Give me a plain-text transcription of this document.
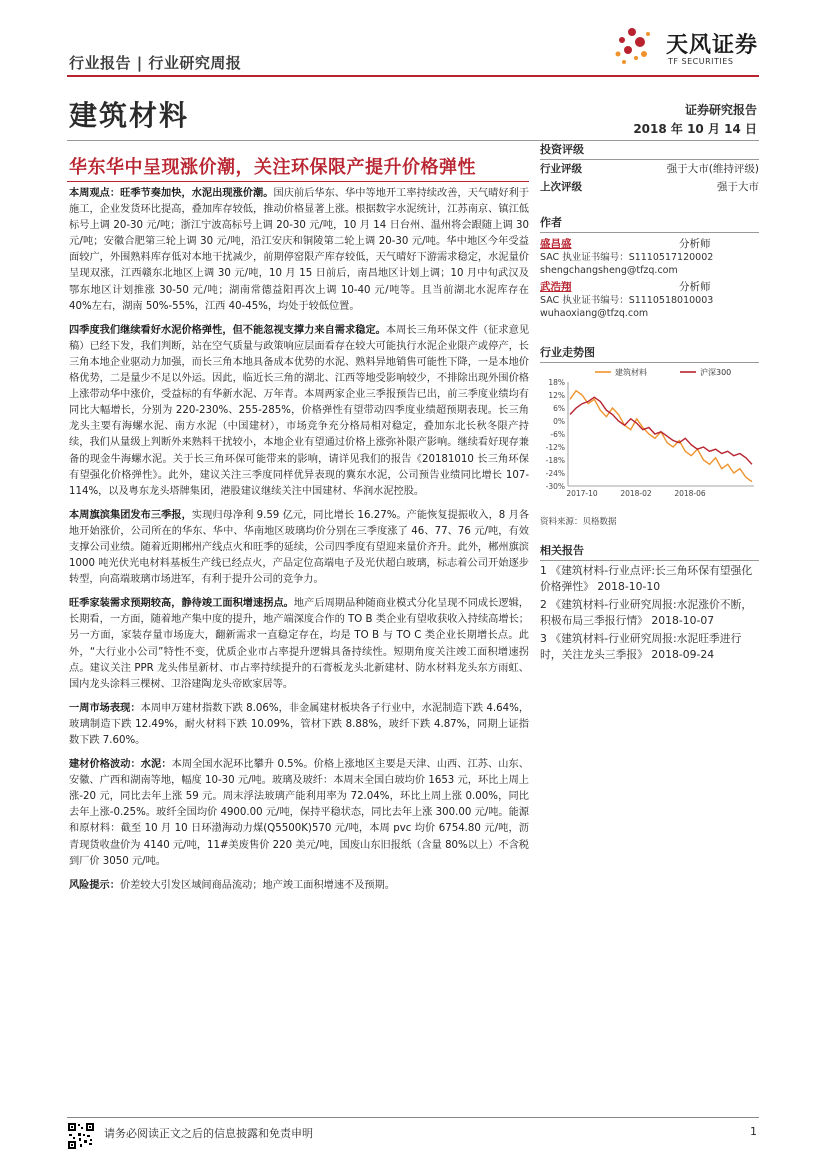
行业报告 | 行业研究周报
天风证券
TF SECURITIES
建筑材料	证券研究报告
2018 年 10 月 14 日
华东华中呈现涨价潮，关注环保限产提升价格弹性

本周观点：旺季节奏加快，水泥出现涨价潮。国庆前后华东、华中等地开工率持续改善，天气晴好利于施工，企业发货环比提高，叠加库存较低，推动价格显著上涨。根据数字水泥统计，江苏南京、镇江低标号上调 20-30 元/吨；浙江宁波高标号上调 20-30 元/吨，10 月 14 日台州、温州将会跟随上调 30 元/吨；安徽合肥第三轮上调 30 元/吨，沿江安庆和铜陵第二轮上调 20-30 元/吨。华中地区今年受益面较广，外围熟料库存低对本地干扰减少，前期停窑限产库存较低，天气晴好下游需求稳定，水泥量价呈现双涨，江西赣东北地区上调 30 元/吨，10 月 15 日前后，南昌地区计划上调；10 月中旬武汉及鄂东地区计划推涨 30-50 元/吨；湖南常德益阳再次上调 10-40 元/吨等。且当前湖北水泥库存在 40%左右，湖南 50%-55%，江西 40-45%，均处于较低位置。

四季度我们继续看好水泥价格弹性，但不能忽视支撑力来自需求稳定。本周长三角环保文件（征求意见稿）已经下发，我们判断，站在空气质量与政策响应层面看存在较大可能执行水泥企业限产或停产，长三角本地企业驱动力加强，而长三角本地具备成本优势的水泥、熟料异地销售可能性下降，一是本地价格优势，二是量少不足以外运。因此，临近长三角的湖北、江西等地受影响较少，不排除出现外围价格上涨带动华中涨价，受益标的有华新水泥、万年青。本周两家企业三季报预告已出，前三季度业绩均有同比大幅增长，分别为 220-230%、255-285%，价格弹性有望带动四季度业绩超预期表现。长三角龙头主要有海螺水泥、南方水泥（中国建材），市场竞争充分格局相对稳定，叠加东北长秋冬限产持续，我们从量级上判断外来熟料干扰较小，本地企业有望通过价格上涨弥补限产影响。继续看好现存兼备的现金牛海螺水泥。关于长三角环保可能带来的影响，请详见我们的报告《20181010 长三角环保有望强化价格弹性》。此外，建议关注三季度同样优异表现的冀东水泥，公司预告业绩同比增长 107-114%，以及粤东龙头塔牌集团，港股建议继续关注中国建材、华润水泥控股。

本周旗滨集团发布三季报，实现归母净利 9.59 亿元，同比增长 16.27%。产能恢复提振收入，8 月各地开始涨价，公司所在的华东、华中、华南地区玻璃均价分别在三季度涨了 46、77、76 元/吨，有效支撑公司业绩。随着近期郴州产线点火和旺季的延续，公司四季度有望迎来量价齐升。此外，郴州旗滨 1000 吨光伏光电材料基板生产线已经点火，产品定位高端电子及光伏超白玻璃，标志着公司开始逐步转型，向高端玻璃市场进军，有利于提升公司的竞争力。

旺季家装需求预期较高，静待竣工面积增速拐点。地产后周期品种随商业模式分化呈现不同成长逻辑，长期看，一方面，随着地产集中度的提升，地产端深度合作的 TO B 类企业有望收获收入持续高增长；另一方面，家装存量市场庞大，翻新需求一直稳定存在，均是 TO B 与 TO C 类企业长期增长点。此外，“大行业小公司”特性不变，优质企业市占率提升逻辑具备持续性。短期角度关注竣工面积增速拐点。建议关注 PPR 龙头伟星新材、市占率持续提升的石膏板龙头北新建材、防水材料龙头东方雨虹、国内龙头涂料三棵树、卫浴建陶龙头帝欧家居等。

一周市场表现：本周申万建材指数下跌 8.06%，非金属建材板块各子行业中，水泥制造下跌 4.64%，玻璃制造下跌 12.49%，耐火材料下跌 10.09%，管材下跌 8.88%，玻纤下跌 4.87%，同期上证指数下跌 7.60%。

建材价格波动：水泥：本周全国水泥环比攀升 0.5%。价格上涨地区主要是天津、山西、江苏、山东、安徽、广西和湖南等地，幅度 10-30 元/吨。玻璃及玻纤：本周末全国白玻均价 1653 元，环比上周上涨-20 元，同比去年上涨 59 元。周末浮法玻璃产能利用率为 72.04%，环比上周上涨 0.00%，同比去年上涨-0.25%。玻纤全国均价 4900.00 元/吨，保持平稳状态，同比去年上涨 300.00 元/吨。能源和原材料：截至 10 月 10 日环渤海动力煤(Q5500K)570 元/吨，本周 pvc 均价 6754.80 元/吨，沥青现货收盘价为 4140 元/吨，11#美废售价 220 美元/吨，国废山东旧报纸（含量 80%以上）不含税到厂价 3050 元/吨。

风险提示：价差较大引发区域间商品流动；地产竣工面积增速不及预期。

投资评级
行业评级	强于大市(维持评级)
上次评级	强于大市
作者
盛昌盛	分析师
SAC 执业证书编号：S1110517120002
shengchangsheng@tfzq.com
武浩翔	分析师
SAC 执业证书编号：S1110518010003
wuhaoxiang@tfzq.com
行业走势图
-30%
-24%
-18%
-12%
-6%
0%
6%
12%
18%
2017-10	2018-02	2018-06
建筑材料	沪深300
资料来源：贝格数据
相关报告
1 《建筑材料-行业点评:长三角环保有望强化价格弹性》 2018-10-10
2 《建筑材料-行业研究周报:水泥涨价不断，积极布局三季报行情》 2018-10-07
3 《建筑材料-行业研究周报:水泥旺季进行时，关注龙头三季报》 2018-09-24
请务必阅读正文之后的信息披露和免责申明	1
